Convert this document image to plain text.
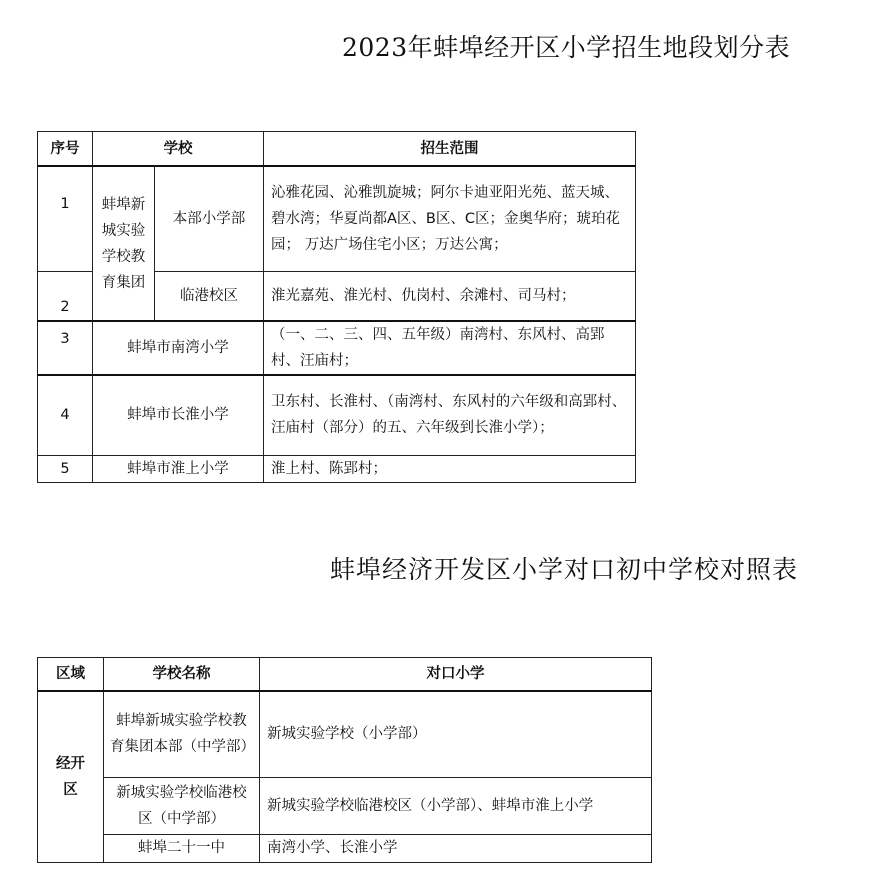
2023年蚌埠经开区小学招生地段划分表
序号	学校		招生范围
1	蚌埠新城实验学校教育集团	本部小学部	沁雅花园、沁雅凯旋城；阿尔卡迪亚阳光苑、蓝天城、碧水湾；华夏尚都A区、B区、C区；金奥华府；琥珀花园； 万达广场住宅小区；万达公寓；
2		临港校区	淮光嘉苑、淮光村、仇岗村、余滩村、司马村；
3	蚌埠市南湾小学		（一、二、三、四、五年级）南湾村、东风村、高郢村、汪庙村；
4	蚌埠市长淮小学		卫东村、长淮村、（南湾村、东风村的六年级和高郢村、汪庙村（部分）的五、六年级到长淮小学）；
5	蚌埠市淮上小学		淮上村、陈郢村；
蚌埠经济开发区小学对口初中学校对照表
区域	学校名称	对口小学

经开区	蚌埠新城实验学校教育集团本部（中学部）	新城实验学校（小学部）
	新城实验学校临港校区（中学部）	新城实验学校临港校区（小学部）、蚌埠市淮上小学
	蚌埠二十一中	南湾小学、长淮小学
